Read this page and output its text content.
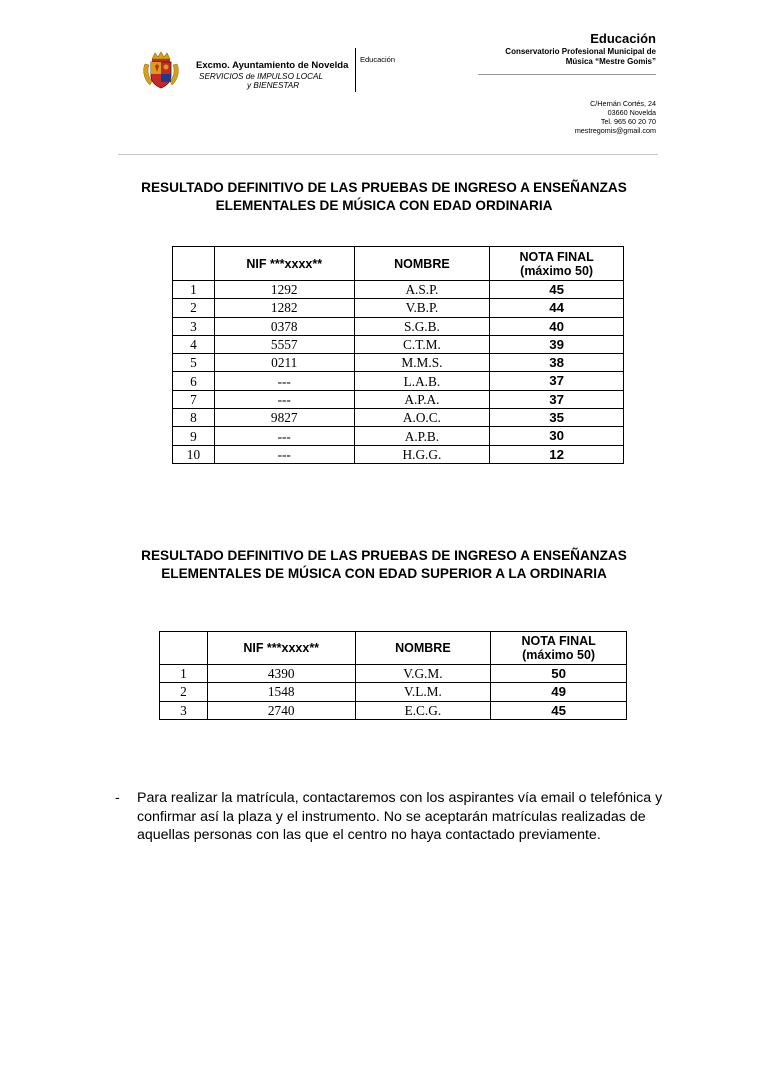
Excmo. Ayuntamiento de Novelda
SERVICIOS de IMPULSO LOCAL
y BIENESTAR
Educación
Educación
Conservatorio Profesional Municipal de
Música “Mestre Gomis”
C/Hernán Cortés, 24
03660 Novelda
Tel. 965 60 20 70
mestregomis@gmail.com
RESULTADO DEFINITIVO DE LAS PRUEBAS DE INGRESO A ENSEÑANZAS
ELEMENTALES DE MÚSICA CON EDAD ORDINARIA
	NIF ***xxxx**	NOMBRE	NOTA FINAL
(máximo 50)

1	1292	A.S.P.	45
2	1282	V.B.P.	44
3	0378	S.G.B.	40
4	5557	C.T.M.	39
5	0211	M.M.S.	38
6	---	L.A.B.	37
7	---	A.P.A.	37
8	9827	A.O.C.	35
9	---	A.P.B.	30
10	---	H.G.G.	12
RESULTADO DEFINITIVO DE LAS PRUEBAS DE INGRESO A ENSEÑANZAS
ELEMENTALES DE MÚSICA CON EDAD SUPERIOR A LA ORDINARIA
	NIF ***xxxx**	NOMBRE	NOTA FINAL
(máximo 50)

1	4390	V.G.M.	50
2	1548	V.L.M.	49
3	2740	E.C.G.	45
- Para realizar la matrícula, contactaremos con los aspirantes vía email o telefónica y confirmar así la plaza y el instrumento. No se aceptarán matrículas realizadas de aquellas personas con las que el centro no haya contactado previamente.
